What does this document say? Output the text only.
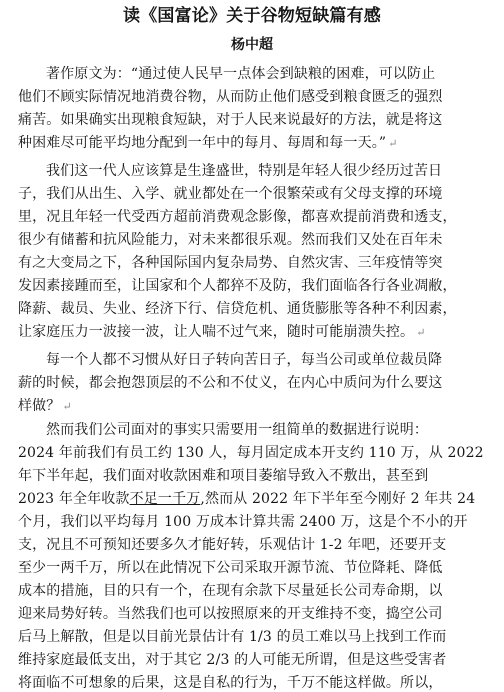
读《国富论》关于谷物短缺篇有感
杨中超
著作原文为：“通过使人民早一点体会到缺粮的困难，可以防止
他们不顾实际情况地消费谷物，从而防止他们感受到粮食匮乏的强烈
痛苦。如果确实出现粮食短缺，对于人民来说最好的方法，就是将这
种困难尽可能平均地分配到一年中的每月、每周和每一天。” ↵
我们这一代人应该算是生逢盛世，特别是年轻人很少经历过苦日
子，我们从出生、入学、就业都处在一个很繁荣或有父母支撑的环境
里，况且年轻一代受西方超前消费观念影像，都喜欢提前消费和透支，
很少有储蓄和抗风险能力，对未来都很乐观。然而我们又处在百年未
有之大变局之下，各种国际国内复杂局势、自然灾害、三年疫情等突
发因素接踵而至，让国家和个人都猝不及防，我们面临各行各业凋敝，
降薪、裁员、失业、经济下行、信贷危机、通货膨胀等各种不利因素，
让家庭压力一波接一波，让人喘不过气来，随时可能崩溃失控。 ↵
每一个人都不习惯从好日子转向苦日子，每当公司或单位裁员降
薪的时候，都会抱怨顶层的不公和不仗义，在内心中质问为什么要这
样做？ ↵
然而我们公司面对的事实只需要用一组简单的数据进行说明：
2024 年前我们有员工约 130 人，每月固定成本开支约 110 万，从 2022
年下半年起，我们面对收款困难和项目萎缩导致入不敷出，甚至到
2023 年全年收款不足一千万,然而从 2022 年下半年至今刚好 2 年共 24
个月，我们以平均每月 100 万成本计算共需 2400 万，这是个不小的开
支，况且不可预知还要多久才能好转，乐观估计 1-2 年吧，还要开支
至少一两千万，所以在此情况下公司采取开源节流、节位降耗、降低
成本的措施，目的只有一个，在现有余款下尽量延长公司寿命期，以
迎来局势好转。当然我们也可以按照原来的开支维持不变，捣空公司
后马上解散，但是以目前光景估计有 1/3 的员工难以马上找到工作而
维持家庭最低支出，对于其它 2/3 的人可能无所谓，但是这些受害者
将面临不可想象的后果，这是自私的行为，千万不能这样做。所以，
